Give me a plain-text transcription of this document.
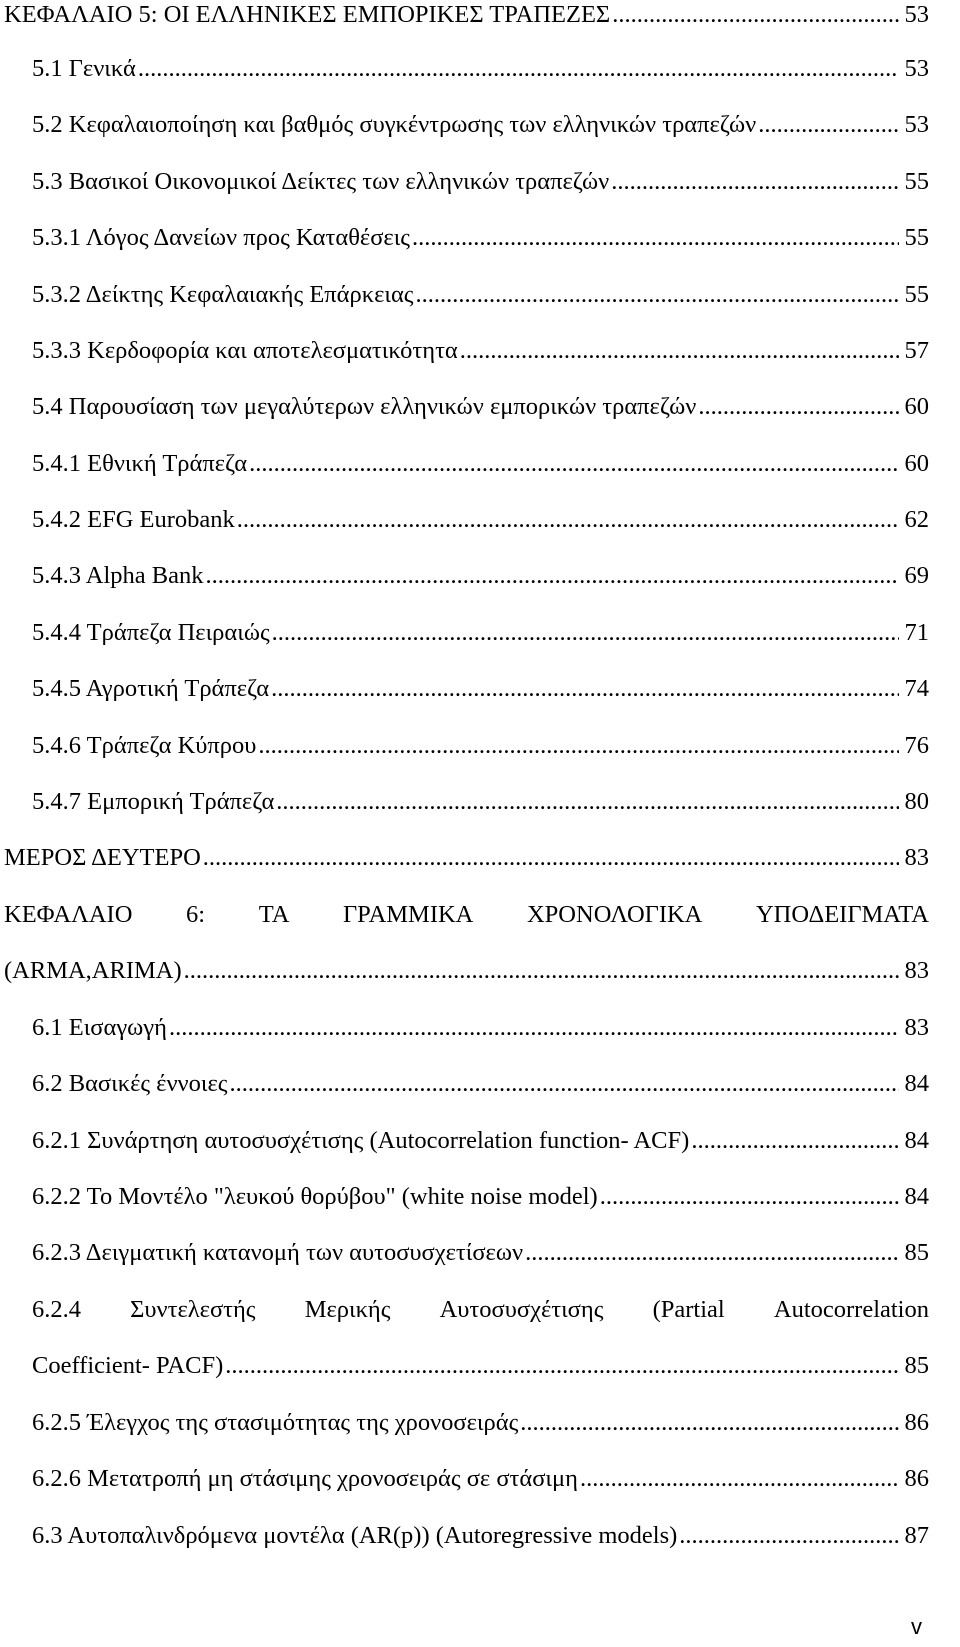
ΚΕΦΑΛΑΙΟ 5: ΟΙ ΕΛΛΗΝΙΚΕΣ ΕΜΠΟΡΙΚΕΣ ΤΡΑΠΕΖΕΣ .....	53
5.1 Γενικά .....	53
5.2 Κεφαλαιοποίηση και βαθμός συγκέντρωσης των ελληνικών τραπεζών .....	53
5.3 Βασικοί Οικονομικοί Δείκτες των ελληνικών τραπεζών .....	55
5.3.1 Λόγος Δανείων προς Καταθέσεις .....	55
5.3.2 Δείκτης Κεφαλαιακής Επάρκειας .....	55
5.3.3 Κερδοφορία και αποτελεσματικότητα .....	57
5.4 Παρουσίαση των μεγαλύτερων ελληνικών εμπορικών τραπεζών .....	60
5.4.1 Εθνική Τράπεζα .....	60
5.4.2 EFG Eurobank .....	62
5.4.3 Alpha Bank .....	69
5.4.4 Τράπεζα Πειραιώς .....	71
5.4.5 Αγροτική Τράπεζα .....	74
5.4.6 Τράπεζα Κύπρου .....	76
5.4.7 Εμπορική Τράπεζα .....	80
ΜΕΡΟΣ ΔΕΥΤΕΡΟ .....	83
ΚΕΦΑΛΑΙΟ 6: ΤΑ ΓΡΑΜΜΙΚΑ ΧΡΟΝΟΛΟΓΙΚΑ ΥΠΟΔΕΙΓΜΑΤΑ
(ARMA,ARIMA) .....	83
6.1 Εισαγωγή .....	83
6.2 Βασικές έννοιες .....	84
6.2.1 Συνάρτηση αυτοσυσχέτισης (Autocorrelation function- ACF) .....	84
6.2.2 Το Μοντέλο "λευκού θορύβου" (white noise model) .....	84
6.2.3 Δειγματική κατανομή των αυτοσυσχετίσεων .....	85
6.2.4 Συντελεστής Μερικής Αυτοσυσχέτισης (Partial Autocorrelation
Coefficient- PACF) .....	85
6.2.5 Έλεγχος της στασιμότητας της χρονοσειράς .....	86
6.2.6 Μετατροπή μη στάσιμης χρονοσειράς σε στάσιμη .....	86
6.3 Αυτοπαλινδρόμενα μοντέλα (AR(p)) (Autoregressive models) .....	87
v
